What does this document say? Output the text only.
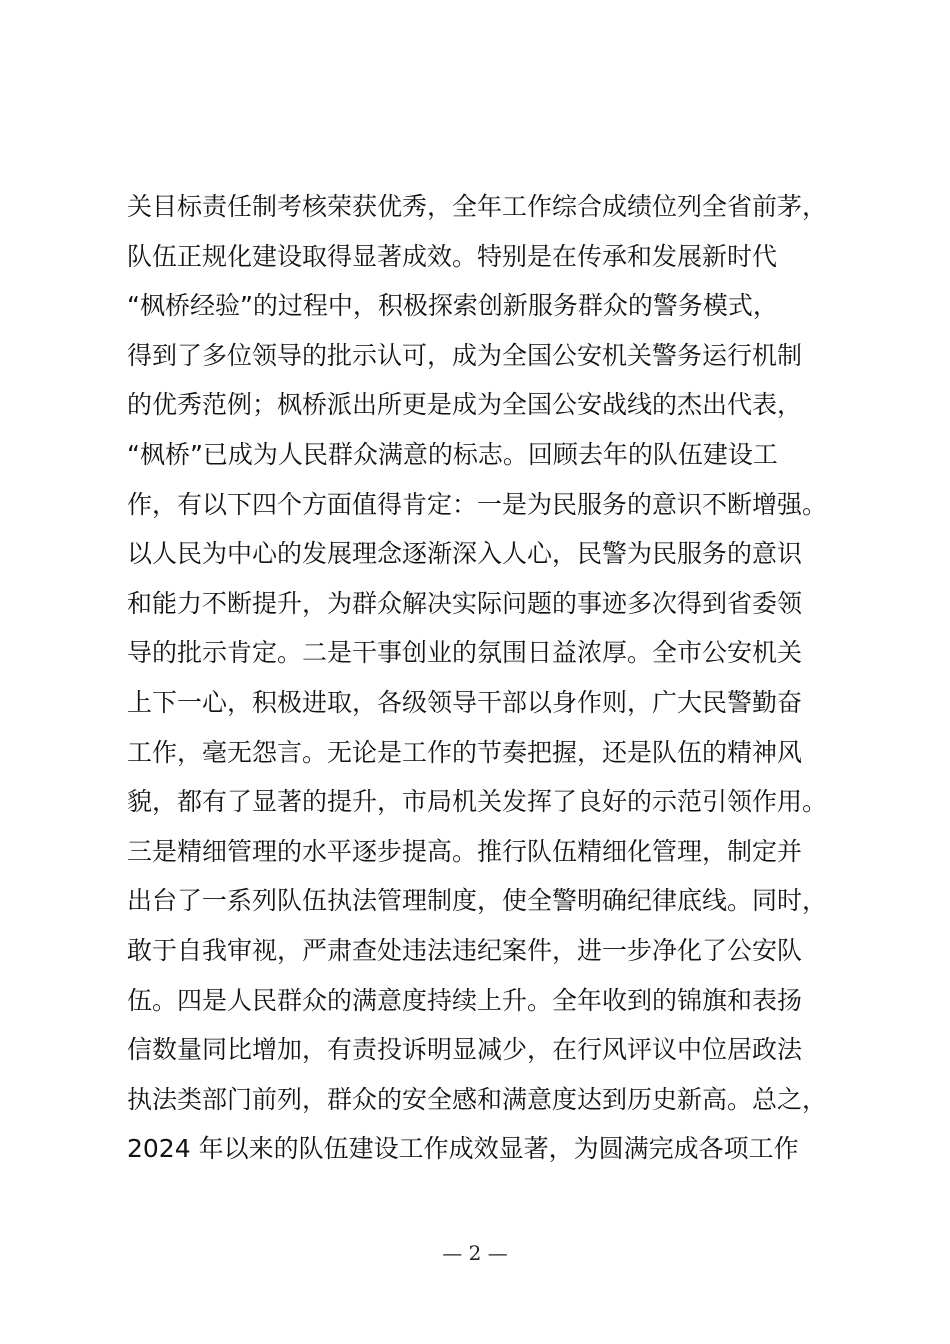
关目标责任制考核荣获优秀，全年工作综合成绩位列全省前茅，
队伍正规化建设取得显著成效。特别是在传承和发展新时代
“枫桥经验”的过程中，积极探索创新服务群众的警务模式，
得到了多位领导的批示认可，成为全国公安机关警务运行机制
的优秀范例；枫桥派出所更是成为全国公安战线的杰出代表，
“枫桥”已成为人民群众满意的标志。回顾去年的队伍建设工
作，有以下四个方面值得肯定：一是为民服务的意识不断增强。
以人民为中心的发展理念逐渐深入人心，民警为民服务的意识
和能力不断提升，为群众解决实际问题的事迹多次得到省委领
导的批示肯定。二是干事创业的氛围日益浓厚。全市公安机关
上下一心，积极进取，各级领导干部以身作则，广大民警勤奋
工作，毫无怨言。无论是工作的节奏把握，还是队伍的精神风
貌，都有了显著的提升，市局机关发挥了良好的示范引领作用。
三是精细管理的水平逐步提高。推行队伍精细化管理，制定并
出台了一系列队伍执法管理制度，使全警明确纪律底线。同时，
敢于自我审视，严肃查处违法违纪案件，进一步净化了公安队
伍。四是人民群众的满意度持续上升。全年收到的锦旗和表扬
信数量同比增加，有责投诉明显减少，在行风评议中位居政法
执法类部门前列，群众的安全感和满意度达到历史新高。总之，
2024 年以来的队伍建设工作成效显著，为圆满完成各项工作
— 2 —
